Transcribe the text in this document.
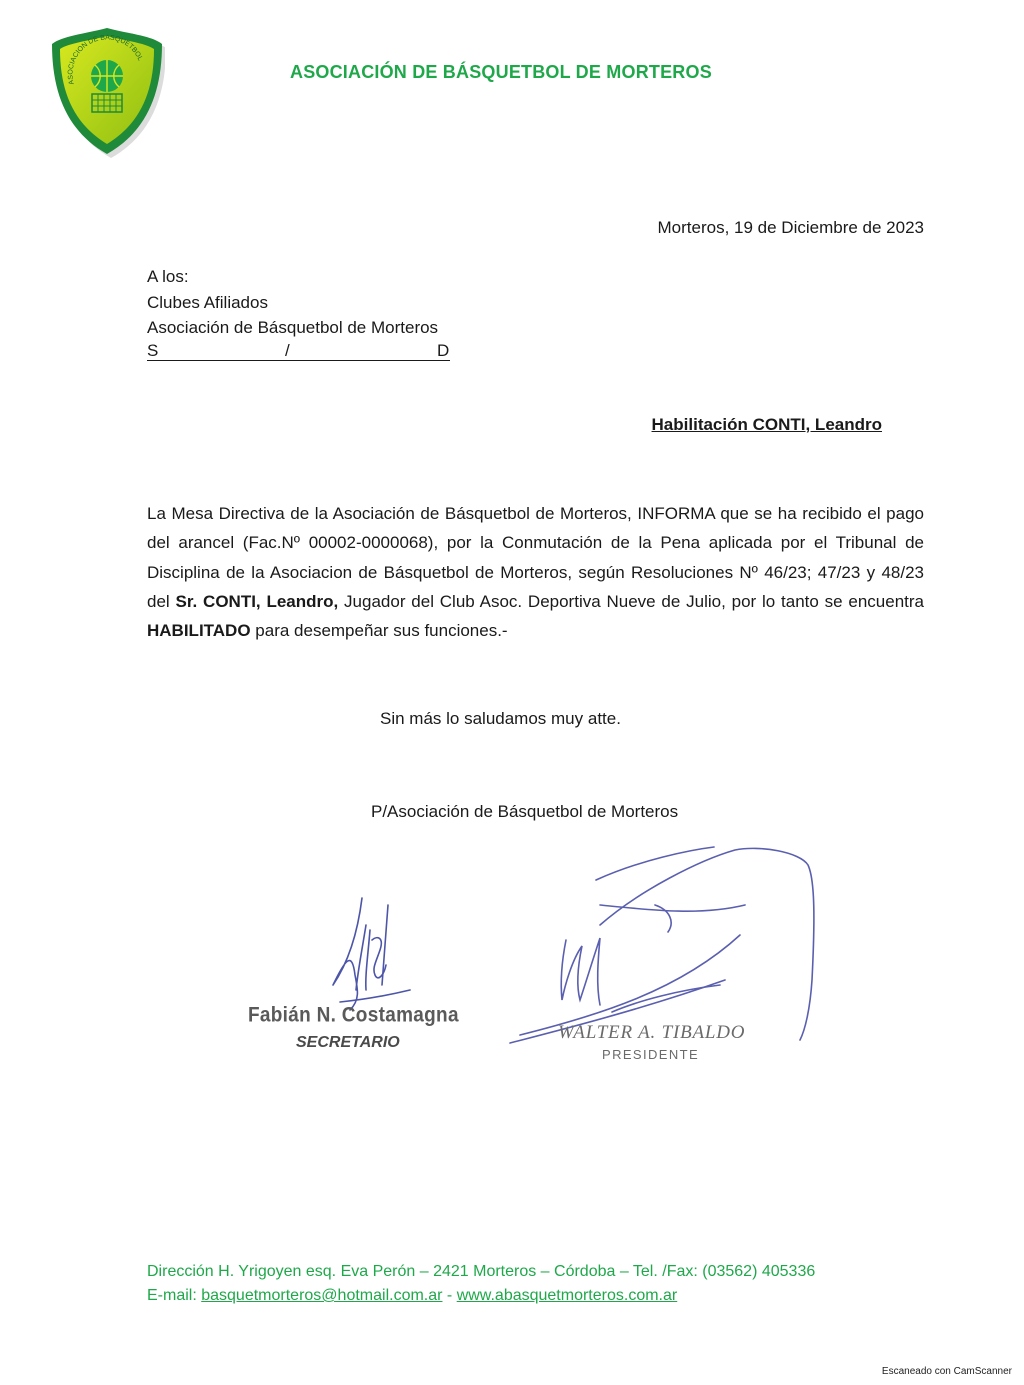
ASOCIACION DE BASQUETBOL
ASOCIACIÓN DE BÁSQUETBOL DE MORTEROS
Morteros, 19 de Diciembre de 2023
A los:
Clubes Afiliados
Asociación de Básquetbol de Morteros
S	/	D
Habilitación CONTI, Leandro
La Mesa Directiva de la Asociación de Básquetbol de Morteros, INFORMA que se ha recibido el pago del arancel (Fac.Nº 00002-0000068), por la Conmutación de la Pena aplicada por el Tribunal de Disciplina de la Asociacion de Básquetbol de Morteros, según Resoluciones Nº 46/23; 47/23 y 48/23 del Sr. CONTI, Leandro, Jugador del Club Asoc. Deportiva Nueve de Julio, por lo tanto se encuentra HABILITADO para desempeñar sus funciones.-
Sin más lo saludamos muy atte.
P/Asociación de Básquetbol de Morteros
Fabián N. Costamagna
SECRETARIO	WALTER A. TIBALDO
PRESIDENTE
Dirección H. Yrigoyen esq. Eva Perón – 2421 Morteros – Córdoba – Tel. /Fax: (03562) 405336
E-mail: basquetmorteros@hotmail.com.ar - www.abasquetmorteros.com.ar
Escaneado con CamScanner
